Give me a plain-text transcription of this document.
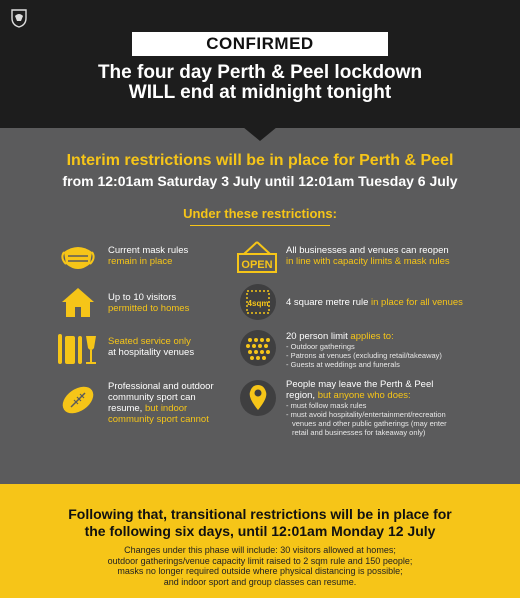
CONFIRMED
The four day Perth & Peel lockdown
WILL end at midnight tonight
Interim restrictions will be in place for Perth & Peel
from 12:01am Saturday 3 July until 12:01am Tuesday 6 July
Under these restrictions:
Current mask rules
remain in place
Up to 10 visitors
permitted to homes
Seated service only
at hospitality venues
Professional and outdoor
community sport can
resume, but indoor
community sport cannot
OPEN
4sqm
All businesses and venues can reopen
in line with capacity limits & mask rules
4 square metre rule in place for all venues
20 person limit applies to:
- Outdoor gatherings
- Patrons at venues (excluding retail/takeaway)
- Guests at weddings and funerals
People may leave the Perth & Peel
region, but anyone who does:
- must follow mask rules
- must avoid hospitality/entertainment/recreation
venues and other public gatherings (may enter
retail and businesses for takeaway only)
Following that, transitional restrictions will be in place for
the following six days, until 12:01am Monday 12 July
Changes under this phase will include: 30 visitors allowed at homes;
outdoor gatherings/venue capacity limit raised to 2 sqm rule and 150 people;
masks no longer required outside where physical distancing is possible;
and indoor sport and group classes can resume.
